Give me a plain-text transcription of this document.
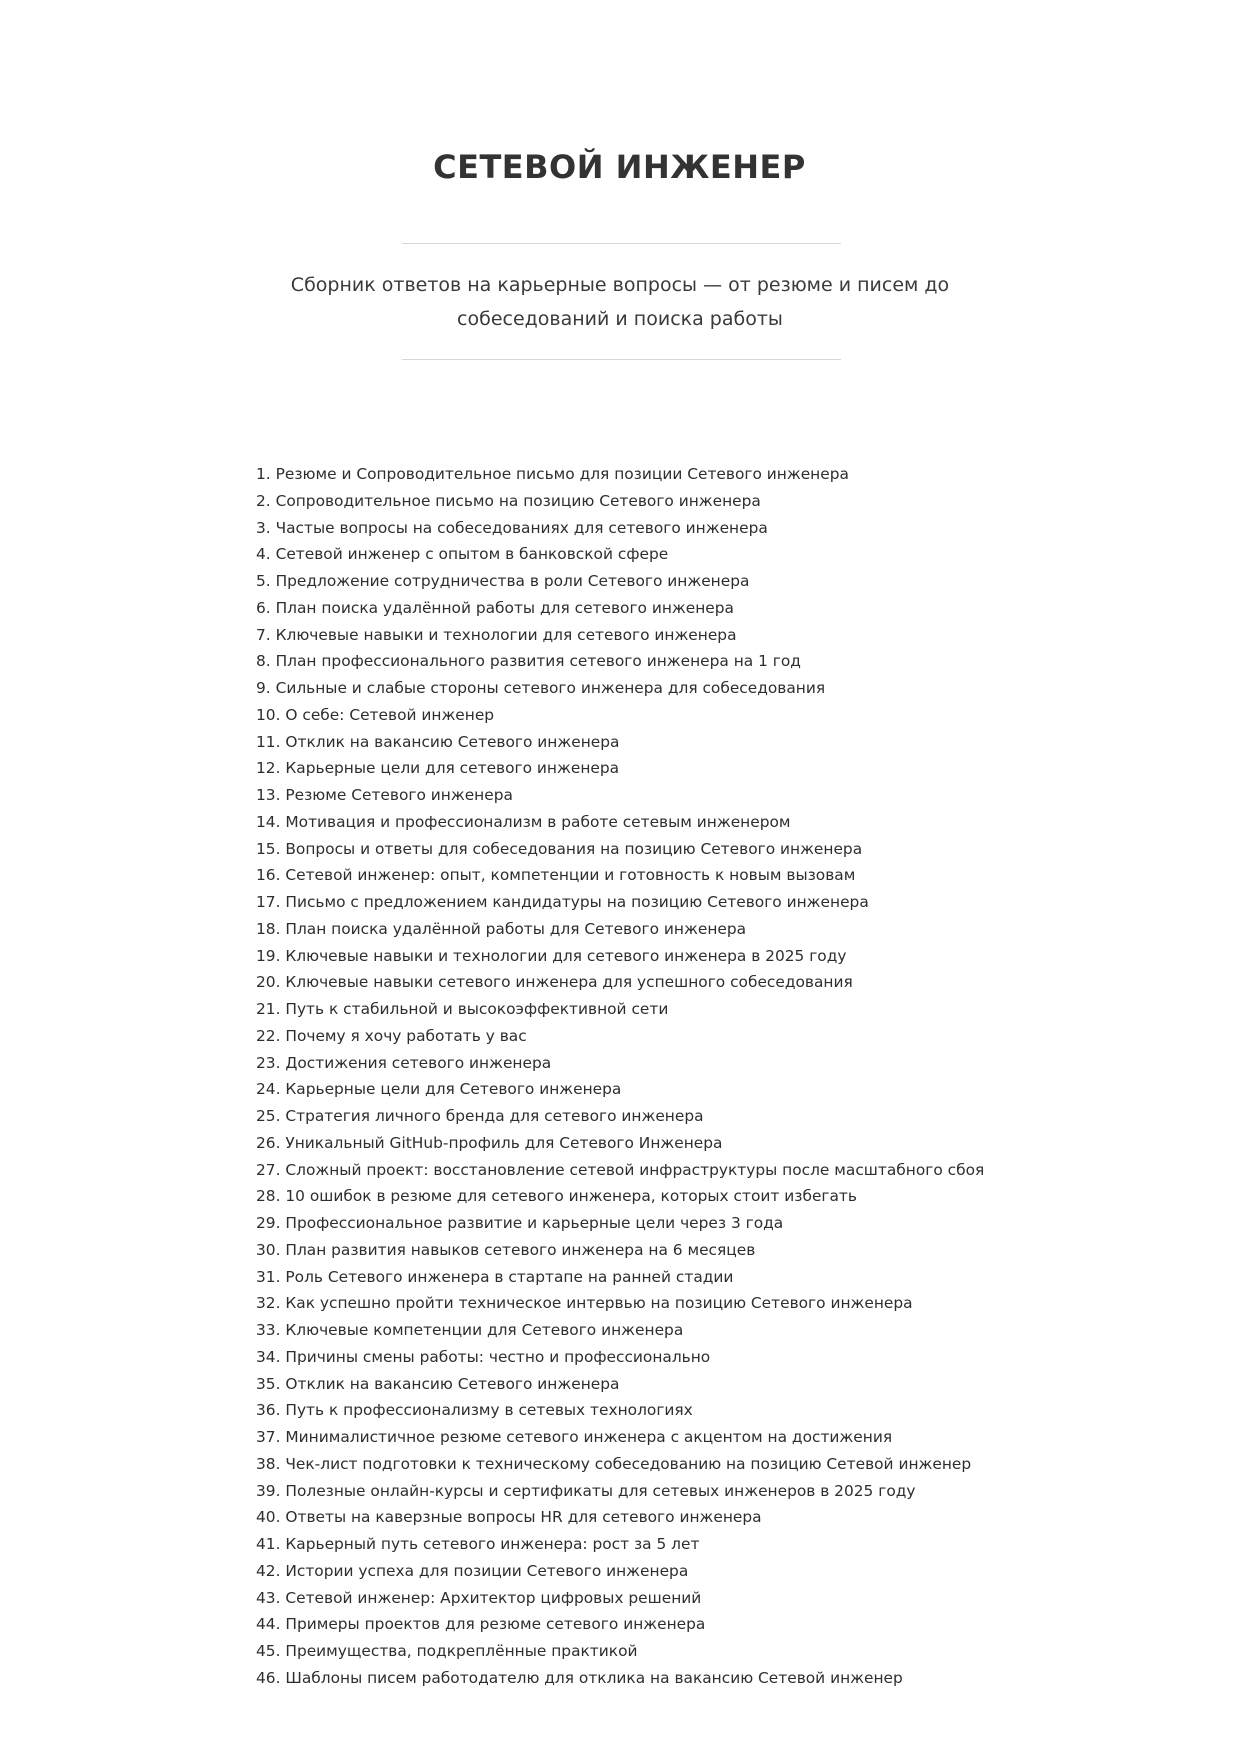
СЕТЕВОЙ ИНЖЕНЕР

Сборник ответов на карьерные вопросы — от резюме и писем до собеседований и поиска работы

1. Резюме и Сопроводительное письмо для позиции Сетевого инженера
2. Сопроводительное письмо на позицию Сетевого инженера
3. Частые вопросы на собеседованиях для сетевого инженера
4. Сетевой инженер с опытом в банковской сфере
5. Предложение сотрудничества в роли Сетевого инженера
6. План поиска удалённой работы для сетевого инженера
7. Ключевые навыки и технологии для сетевого инженера
8. План профессионального развития сетевого инженера на 1 год
9. Сильные и слабые стороны сетевого инженера для собеседования
10. О себе: Сетевой инженер
11. Отклик на вакансию Сетевого инженера
12. Карьерные цели для сетевого инженера
13. Резюме Сетевого инженера
14. Мотивация и профессионализм в работе сетевым инженером
15. Вопросы и ответы для собеседования на позицию Сетевого инженера
16. Сетевой инженер: опыт, компетенции и готовность к новым вызовам
17. Письмо с предложением кандидатуры на позицию Сетевого инженера
18. План поиска удалённой работы для Сетевого инженера
19. Ключевые навыки и технологии для сетевого инженера в 2025 году
20. Ключевые навыки сетевого инженера для успешного собеседования
21. Путь к стабильной и высокоэффективной сети
22. Почему я хочу работать у вас
23. Достижения сетевого инженера
24. Карьерные цели для Сетевого инженера
25. Стратегия личного бренда для сетевого инженера
26. Уникальный GitHub-профиль для Сетевого Инженера
27. Сложный проект: восстановление сетевой инфраструктуры после масштабного сбоя
28. 10 ошибок в резюме для сетевого инженера, которых стоит избегать
29. Профессиональное развитие и карьерные цели через 3 года
30. План развития навыков сетевого инженера на 6 месяцев
31. Роль Сетевого инженера в стартапе на ранней стадии
32. Как успешно пройти техническое интервью на позицию Сетевого инженера
33. Ключевые компетенции для Сетевого инженера
34. Причины смены работы: честно и профессионально
35. Отклик на вакансию Сетевого инженера
36. Путь к профессионализму в сетевых технологиях
37. Минималистичное резюме сетевого инженера с акцентом на достижения
38. Чек-лист подготовки к техническому собеседованию на позицию Сетевой инженер
39. Полезные онлайн-курсы и сертификаты для сетевых инженеров в 2025 году
40. Ответы на каверзные вопросы HR для сетевого инженера
41. Карьерный путь сетевого инженера: рост за 5 лет
42. Истории успеха для позиции Сетевого инженера
43. Сетевой инженер: Архитектор цифровых решений
44. Примеры проектов для резюме сетевого инженера
45. Преимущества, подкреплённые практикой
46. Шаблоны писем работодателю для отклика на вакансию Сетевой инженер
